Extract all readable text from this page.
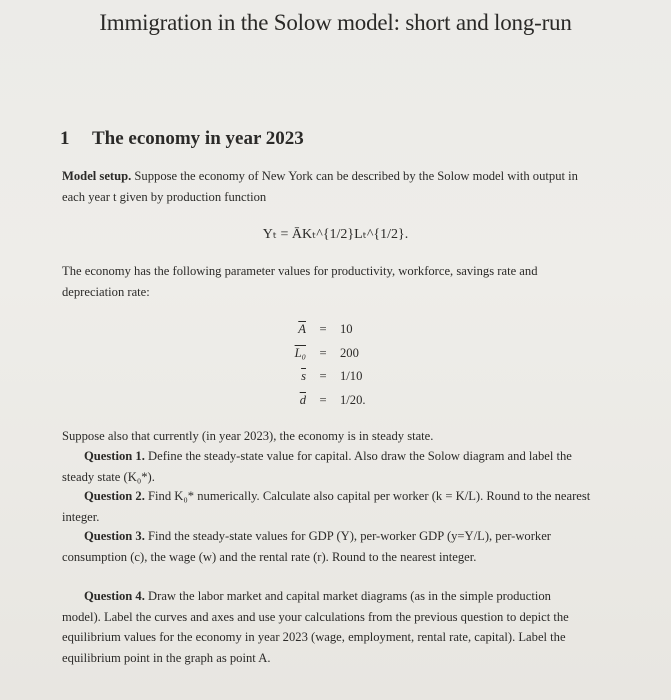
Immigration in the Solow model: short and long-run
1 The economy in year 2023
Model setup. Suppose the economy of New York can be described by the Solow model with output in each year t given by production function
Yₜ = ĀKₜ^{1/2}Lₜ^{1/2}.
The economy has the following parameter values for productivity, workforce, savings rate and depreciation rate:
$\overline{A}$	=	10
L₀	=	200
$\overline{s}$	=	1/10
$\overline{d}$	=	1/20.
Suppose also that currently (in year 2023), the economy is in steady state.
Question 1. Define the steady-state value for capital. Also draw the Solow diagram and label the steady state (K₀*).
Question 2. Find K₀* numerically. Calculate also capital per worker (k = K/L). Round to the nearest integer.
Question 3. Find the steady-state values for GDP (Y), per-worker GDP (y=Y/L), per-worker consumption (c), the wage (w) and the rental rate (r). Round to the nearest integer.
Question 4. Draw the labor market and capital market diagrams (as in the simple production model). Label the curves and axes and use your calculations from the previous question to depict the equilibrium values for the economy in year 2023 (wage, employment, rental rate, capital). Label the equilibrium point in the graph as point A.
